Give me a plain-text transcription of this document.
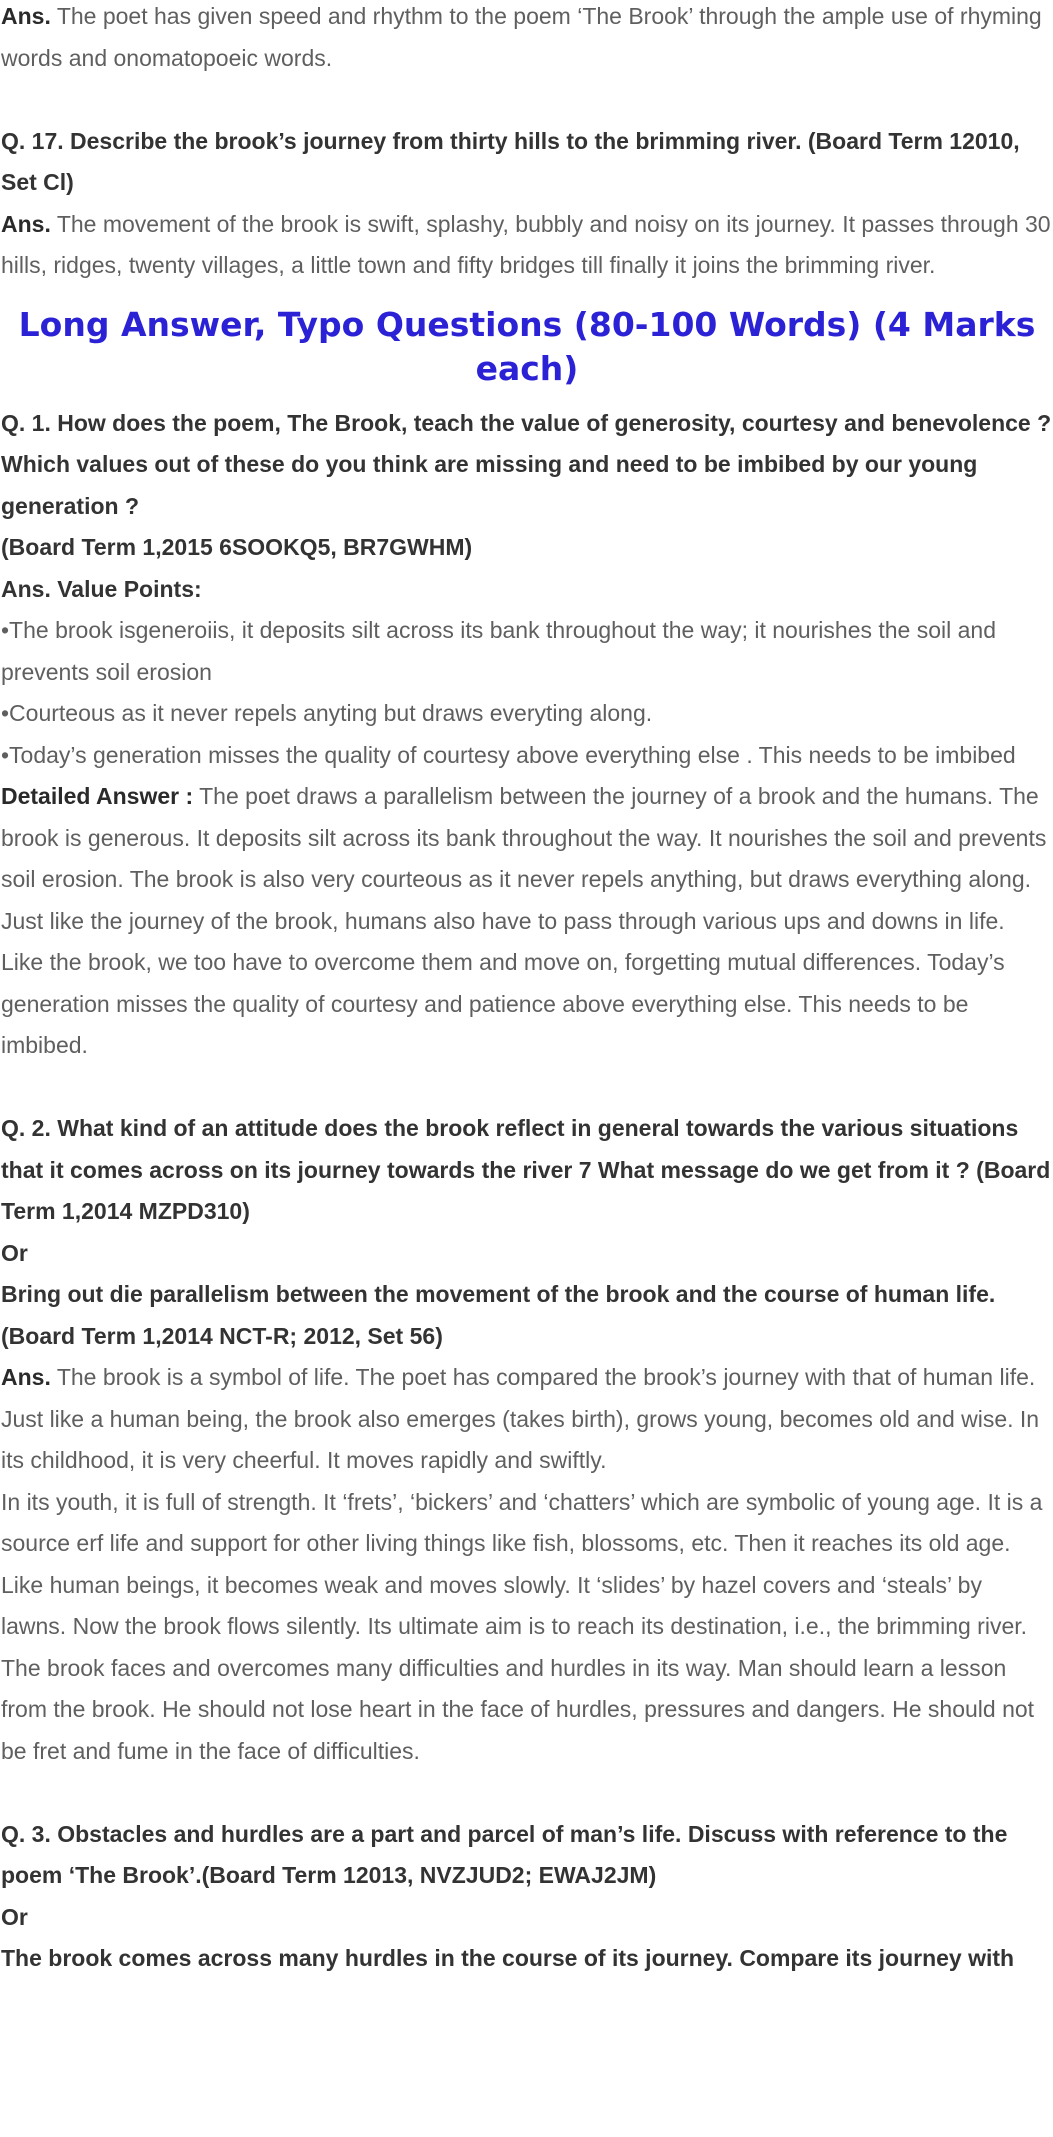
Ans. The poet has given speed and rhythm to the poem ‘The Brook’ through the ample use of rhyming words and onomatopoeic words.

Q. 17. Describe the brook’s journey from thirty hills to the brimming river. (Board Term 12010, Set Cl)

Ans. The movement of the brook is swift, splashy, bubbly and noisy on its journey. It passes through 30 hills, ridges, twenty villages, a little town and fifty bridges till finally it joins the brimming river.

Long Answer, Typo Questions (80-100 Words) (4 Marks each)

Q. 1. How does the poem, The Brook, teach the value of generosity, courtesy and benevolence ? Which values out of these do you think are missing and need to be imbibed by our young generation ?

(Board Term 1,2015 6SOOKQ5, BR7GWHM)

Ans. Value Points:

•The brook isgeneroiis, it deposits silt across its bank throughout the way; it nourishes the soil and prevents soil erosion

•Courteous as it never repels anyting but draws everyting along.

•Today’s generation misses the quality of courtesy above everything else . This needs to be imbibed

Detailed Answer : The poet draws a parallelism between the journey of a brook and the humans. The brook is generous. It deposits silt across its bank throughout the way. It nourishes the soil and prevents soil erosion. The brook is also very courteous as it never repels anything, but draws everything along. Just like the journey of the brook, humans also have to pass through various ups and downs in life. Like the brook, we too have to overcome them and move on, forgetting mutual differences. Today’s generation misses the quality of courtesy and patience above everything else. This needs to be imbibed.

Q. 2. What kind of an attitude does the brook reflect in general towards the various situations that it comes across on its journey towards the river 7 What message do we get from it ? (Board Term 1,2014 MZPD310)

Or

Bring out die parallelism between the movement of the brook and the course of human life.(Board Term 1,2014 NCT-R; 2012, Set 56)

Ans. The brook is a symbol of life. The poet has compared the brook’s journey with that of human life. Just like a human being, the brook also emerges (takes birth), grows young, becomes old and wise. In its childhood, it is very cheerful. It moves rapidly and swiftly.

In its youth, it is full of strength. It ‘frets’, ‘bickers’ and ‘chatters’ which are symbolic of young age. It is a source erf life and support for other living things like fish, blossoms, etc. Then it reaches its old age. Like human beings, it becomes weak and moves slowly. It ‘slides’ by hazel covers and ‘steals’ by lawns. Now the brook flows silently. Its ultimate aim is to reach its destination, i.e., the brimming river.

The brook faces and overcomes many difficulties and hurdles in its way. Man should learn a lesson from the brook. He should not lose heart in the face of hurdles, pressures and dangers. He should not be fret and fume in the face of difficulties.

Q. 3. Obstacles and hurdles are a part and parcel of man’s life. Discuss with reference to the poem ‘The Brook’.(Board Term 12013, NVZJUD2; EWAJ2JM)

Or

The brook comes across many hurdles in the course of its journey. Compare its journey with
